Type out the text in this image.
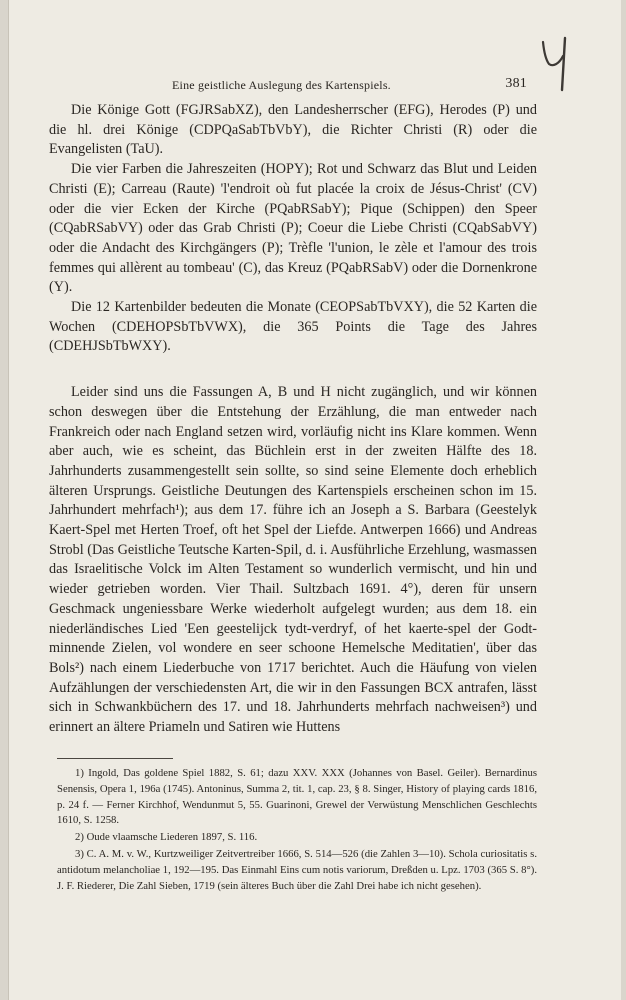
Eine geistliche Auslegung des Kartenspiels.	381

Die Könige Gott (FGJRSabXZ), den Landesherrscher (EFG), Herodes (P) und die hl. drei Könige (CDPQaSabTbVbY), die Richter Christi (R) oder die Evangelisten (TaU).

Die vier Farben die Jahreszeiten (HOPY); Rot und Schwarz das Blut und Leiden Christi (E); Carreau (Raute) 'l'endroit où fut placée la croix de Jésus-Christ' (CV) oder die vier Ecken der Kirche (PQabRSabY); Pique (Schippen) den Speer (CQabRSabVY) oder das Grab Christi (P); Coeur die Liebe Christi (CQabSabVY) oder die Andacht des Kirchgängers (P); Trèfle 'l'union, le zèle et l'amour des trois femmes qui allèrent au tombeau' (C), das Kreuz (PQabRSabV) oder die Dornenkrone (Y).

Die 12 Kartenbilder bedeuten die Monate (CEOPSabTbVXY), die 52 Karten die Wochen (CDEHOPSbTbVWX), die 365 Points die Tage des Jahres (CDEHJSbTbWXY).

Leider sind uns die Fassungen A, B und H nicht zugänglich, und wir können schon deswegen über die Entstehung der Erzählung, die man entweder nach Frankreich oder nach England setzen wird, vorläufig nicht ins Klare kommen. Wenn aber auch, wie es scheint, das Büchlein erst in der zweiten Hälfte des 18. Jahrhunderts zusammengestellt sein sollte, so sind seine Elemente doch erheblich älteren Ursprungs. Geistliche Deutungen des Kartenspiels erscheinen schon im 15. Jahrhundert mehrfach¹); aus dem 17. führe ich an Joseph a S. Barbara (Geestelyk Kaert-Spel met Herten Troef, oft het Spel der Liefde. Antwerpen 1666) und Andreas Strobl (Das Geistliche Teutsche Karten-Spil, d. i. Ausführliche Erzehlung, wasmassen das Israelitische Volck im Alten Testament so wunderlich vermischt, und hin und wieder getrieben worden. Vier Thail. Sultzbach 1691. 4°), deren für unsern Geschmack ungeniessbare Werke wiederholt aufgelegt wurden; aus dem 18. ein niederländisches Lied 'Een geestelijck tydt-verdryf, of het kaerte-spel der Godt-minnende Zielen, vol wondere en seer schoone Hemelsche Meditatien', über das Bols²) nach einem Liederbuche von 1717 berichtet. Auch die Häufung von vielen Aufzählungen der verschiedensten Art, die wir in den Fassungen BCX antrafen, lässt sich in Schwankbüchern des 17. und 18. Jahrhunderts mehrfach nachweisen³) und erinnert an ältere Priameln und Satiren wie Huttens

1) Ingold, Das goldene Spiel 1882, S. 61; dazu XXV. XXX (Johannes von Basel. Geiler). Bernardinus Senensis, Opera 1, 196a (1745). Antoninus, Summa 2, tit. 1, cap. 23, § 8. Singer, History of playing cards 1816, p. 24 f. — Ferner Kirchhof, Wendunmut 5, 55. Guarinoni, Grewel der Verwüstung Menschlichen Geschlechts 1610, S. 1258.

2) Oude vlaamsche Liederen 1897, S. 116.

3) C. A. M. v. W., Kurtzweiliger Zeitvertreiber 1666, S. 514—526 (die Zahlen 3—10). Schola curiositatis s. antidotum melancholiae 1, 192—195. Das Einmahl Eins cum notis variorum, Dreßden u. Lpz. 1703 (365 S. 8°). J. F. Riederer, Die Zahl Sieben, 1719 (sein älteres Buch über die Zahl Drei habe ich nicht gesehen).
